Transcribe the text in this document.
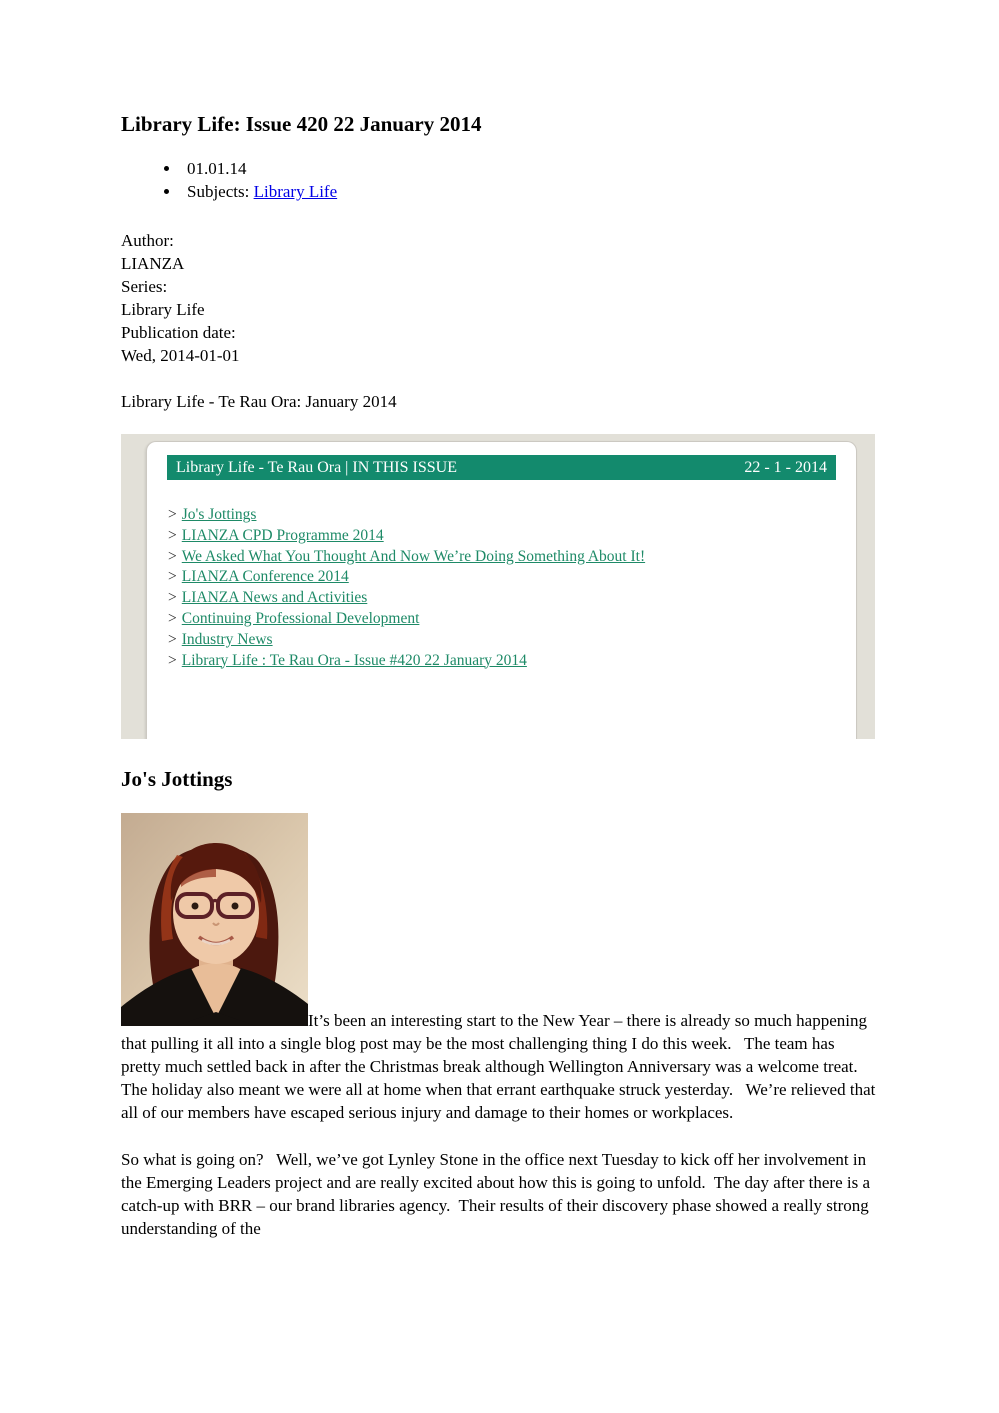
Library Life: Issue 420 22 January 2014
• 01.01.14
• Subjects: Library Life
Author:
LIANZA
Series:
Library Life
Publication date:
Wed, 2014-01-01

Library Life - Te Rau Ora: January 2014

Library Life - Te Rau Ora | IN THIS ISSUE	22 - 1 - 2014
> Jo's Jottings
> LIANZA CPD Programme 2014
> We Asked What You Thought And Now We’re Doing Something About It!
> LIANZA Conference 2014
> LIANZA News and Activities
> Continuing Professional Development
> Industry News
> Library Life : Te Rau Ora - Issue #420 22 January 2014
Jo's Jottings

It’s been an interesting start to the New Year – there is already so much happening that pulling it all into a single blog post may be the most challenging thing I do this week.   The team has pretty much settled back in after the Christmas break although Wellington Anniversary was a welcome treat.  The holiday also meant we were all at home when that errant earthquake struck yesterday.   We’re relieved that all of our members have escaped serious injury and damage to their homes or workplaces.

So what is going on?   Well, we’ve got Lynley Stone in the office next Tuesday to kick off her involvement in the Emerging Leaders project and are really excited about how this is going to unfold.  The day after there is a catch-up with BRR – our brand libraries agency.  Their results of their discovery phase showed a really strong understanding of the
